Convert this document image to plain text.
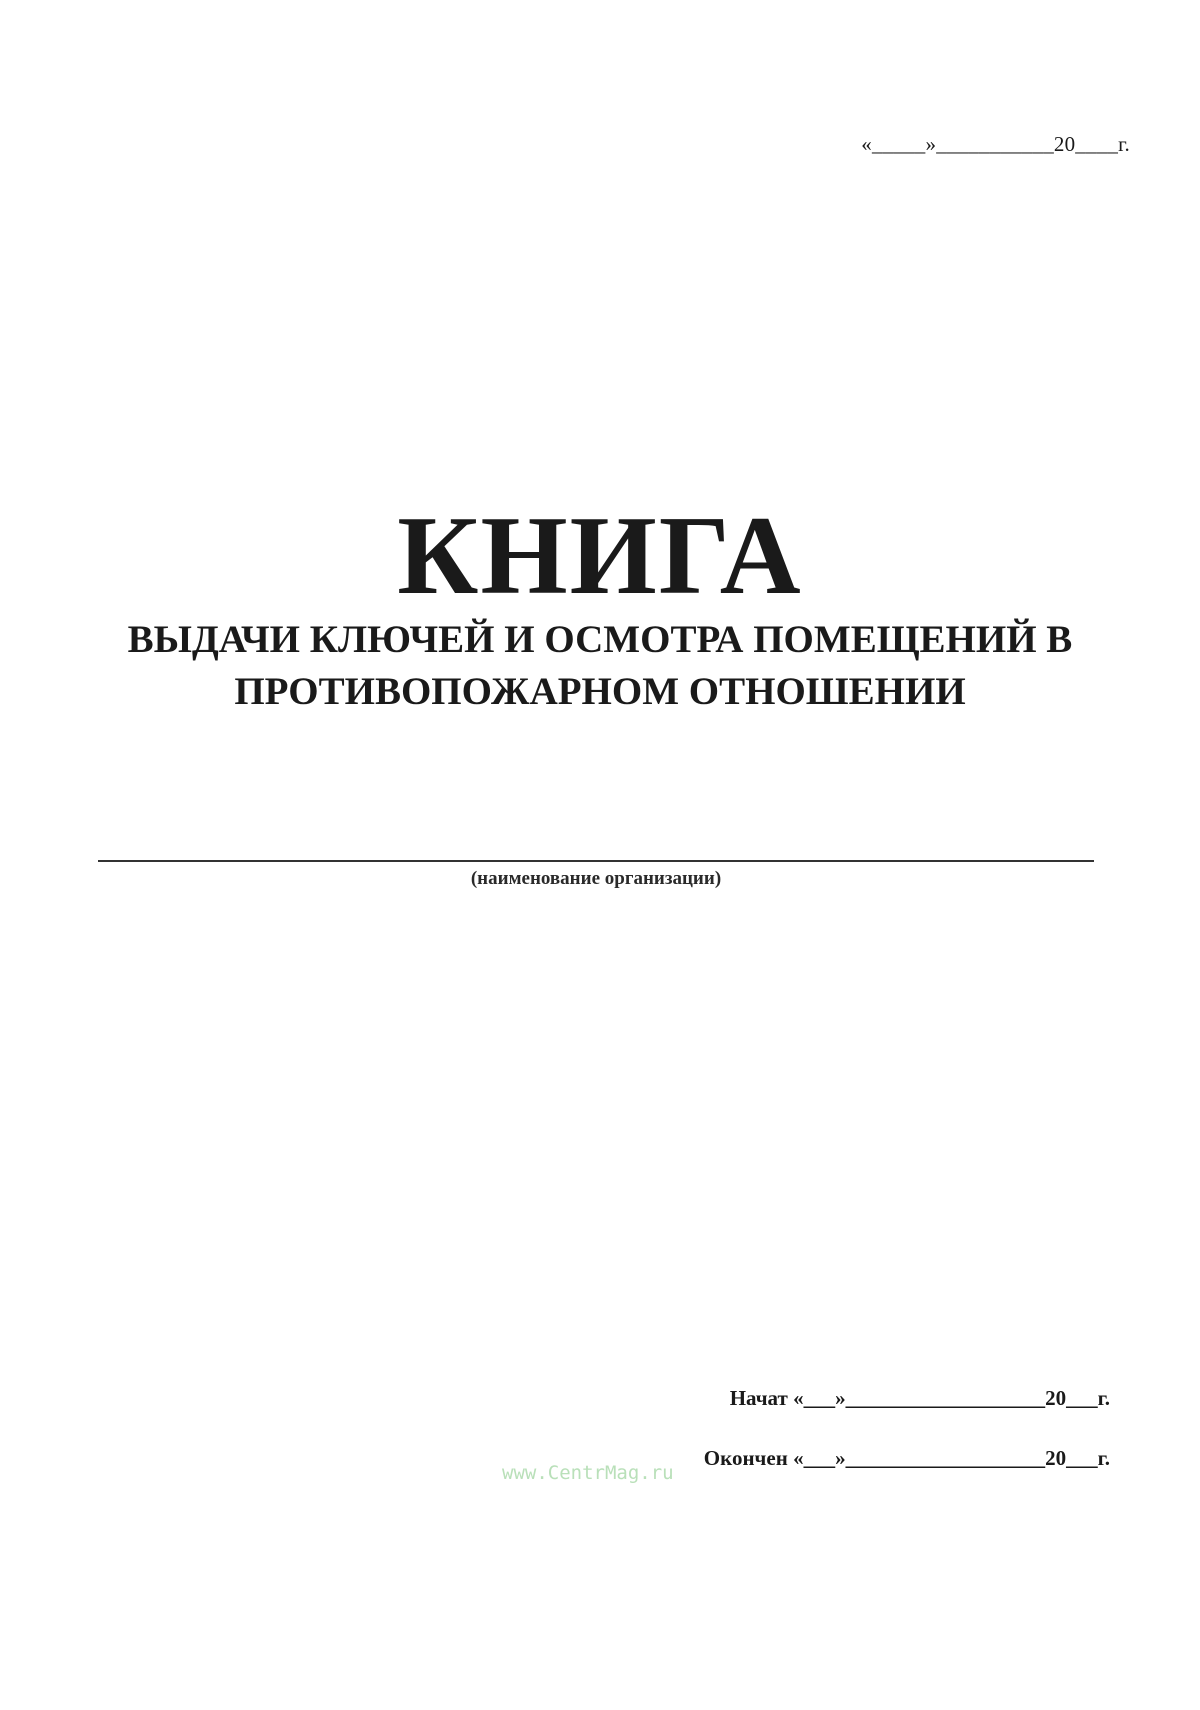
«_____»___________20____г.
КНИГА
ВЫДАЧИ КЛЮЧЕЙ И ОСМОТРА ПОМЕЩЕНИЙ В
ПРОТИВОПОЖАРНОМ ОТНОШЕНИИ
(наименование организации)
Начат «___»___________________20___г.
Окончен «___»___________________20___г.
www.CentrMag.ru
